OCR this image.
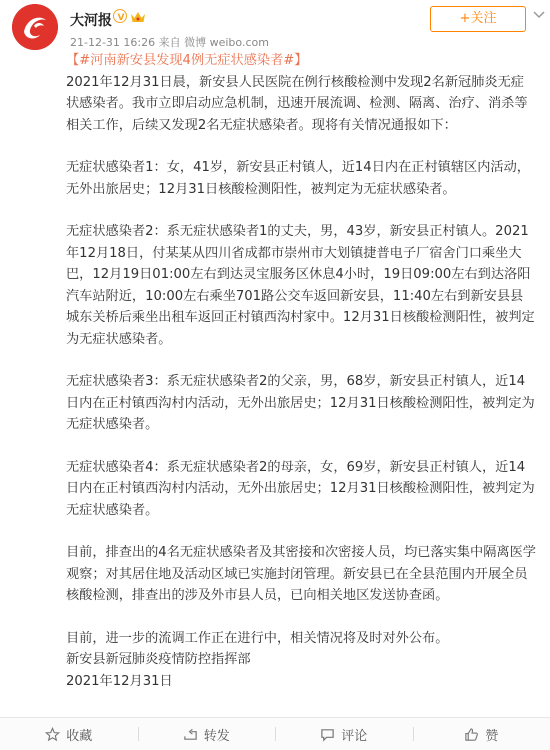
大河报 V
21-12-31 16:26 来自 微博 weibo.com
+关注

【#河南新安县发现4例无症状感染者#】

2021年12月31日晨，新安县人民医院在例行核酸检测中发现2名新冠肺炎无症状感染者。我市立即启动应急机制，迅速开展流调、检测、隔离、治疗、消杀等相关工作，后续又发现2名无症状感染者。现将有关情况通报如下：

无症状感染者1：女，41岁，新安县正村镇人，近14日内在正村镇辖区内活动，无外出旅居史；12月31日核酸检测阳性，被判定为无症状感染者。

无症状感染者2：系无症状感染者1的丈夫，男，43岁，新安县正村镇人。2021年12月18日，付某某从四川省成都市崇州市大划镇捷普电子厂宿舍门口乘坐大巴，12月19日01:00左右到达灵宝服务区休息4小时，19日09:00左右到达洛阳汽车站附近，10:00左右乘坐701路公交车返回新安县，11:40左右到新安县县城东关桥后乘坐出租车返回正村镇西沟村家中。12月31日核酸检测阳性，被判定为无症状感染者。

无症状感染者3：系无症状感染者2的父亲，男，68岁，新安县正村镇人，近14日内在正村镇西沟村内活动，无外出旅居史；12月31日核酸检测阳性，被判定为无症状感染者。

无症状感染者4：系无症状感染者2的母亲，女，69岁，新安县正村镇人，近14日内在正村镇西沟村内活动，无外出旅居史；12月31日核酸检测阳性，被判定为无症状感染者。

目前，排查出的4名无症状感染者及其密接和次密接人员，均已落实集中隔离医学观察；对其居住地及活动区域已实施封闭管理。新安县已在全县范围内开展全员核酸检测，排查出的涉及外市县人员，已向相关地区发送协查函。

目前，进一步的流调工作正在进行中，相关情况将及时对外公布。

新安县新冠肺炎疫情防控指挥部

2021年12月31日

收藏	转发	评论	赞
